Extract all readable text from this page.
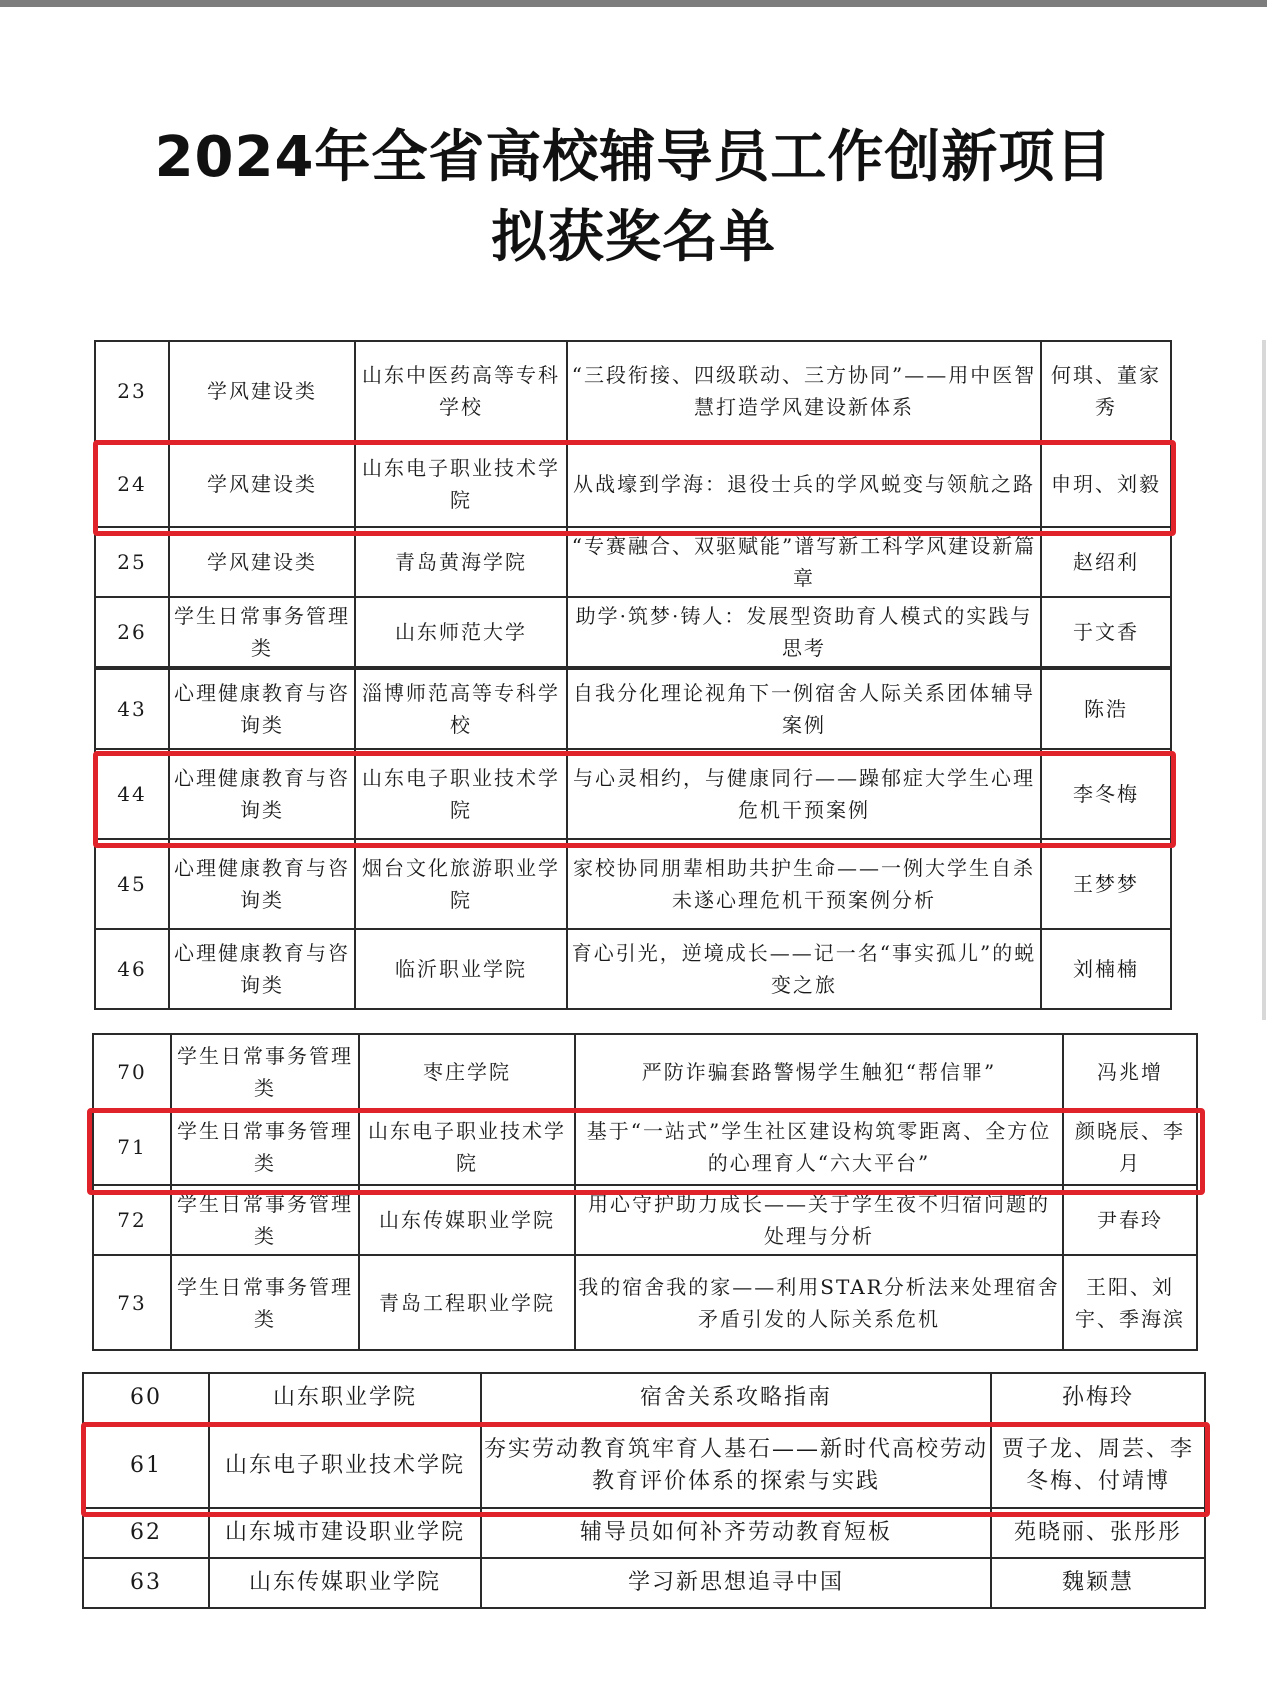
2024年全省高校辅导员工作创新项目
拟获奖名单
23	学风建设类	山东中医药高等专科学校	“三段衔接、四级联动、三方协同”——用中医智慧打造学风建设新体系	何琪、董家秀
24	学风建设类	山东电子职业技术学院	从战壕到学海：退役士兵的学风蜕变与领航之路	申玥、刘毅
25	学风建设类	青岛黄海学院	“专赛融合、双驱赋能”谱写新工科学风建设新篇章	赵绍利
26	学生日常事务管理类	山东师范大学	助学·筑梦·铸人：发展型资助育人模式的实践与思考	于文香
43	心理健康教育与咨询类	淄博师范高等专科学校	自我分化理论视角下一例宿舍人际关系团体辅导案例	陈浩
44	心理健康教育与咨询类	山东电子职业技术学院	与心灵相约，与健康同行——躁郁症大学生心理危机干预案例	李冬梅
45	心理健康教育与咨询类	烟台文化旅游职业学院	家校协同朋辈相助共护生命——一例大学生自杀未遂心理危机干预案例分析	王梦梦
46	心理健康教育与咨询类	临沂职业学院	育心引光，逆境成长——记一名“事实孤儿”的蜕变之旅	刘楠楠
70	学生日常事务管理类	枣庄学院	严防诈骗套路警惕学生触犯“帮信罪”	冯兆增
71	学生日常事务管理类	山东电子职业技术学院	基于“一站式”学生社区建设构筑零距离、全方位的心理育人“六大平台”	颜晓辰、李月
72	学生日常事务管理类	山东传媒职业学院	用心守护助力成长——关于学生夜不归宿问题的处理与分析	尹春玲
73	学生日常事务管理类	青岛工程职业学院	我的宿舍我的家——利用STAR分析法来处理宿舍矛盾引发的人际关系危机	王阳、刘宇、季海滨
60	山东职业学院	宿舍关系攻略指南	孙梅玲
61	山东电子职业技术学院	夯实劳动教育筑牢育人基石——新时代高校劳动教育评价体系的探索与实践	贾子龙、周芸、李冬梅、付靖博
62	山东城市建设职业学院	辅导员如何补齐劳动教育短板	苑晓丽、张彤彤
63	山东传媒职业学院	学习新思想追寻中国	魏颖慧
